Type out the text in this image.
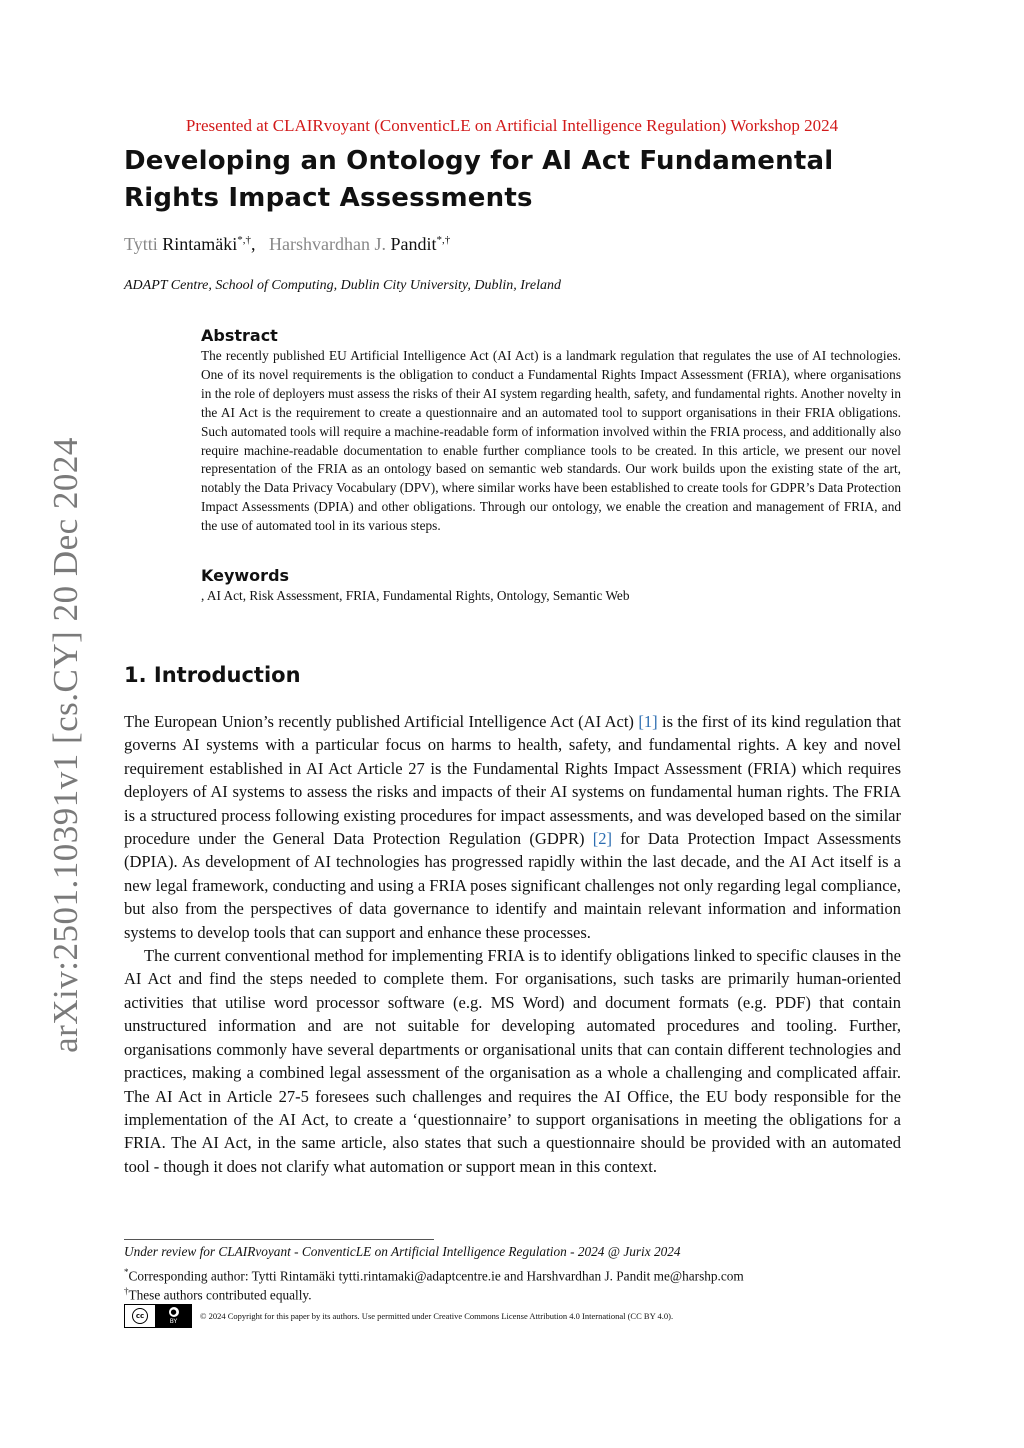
arXiv:2501.10391v1 [cs.CY] 20 Dec 2024
Presented at CLAIRvoyant (ConventicLE on Artificial Intelligence Regulation) Workshop 2024
Developing an Ontology for AI Act Fundamental Rights Impact Assessments
Tytti Rintamäki*,†,   Harshvardhan J. Pandit*,†
ADAPT Centre, School of Computing, Dublin City University, Dublin, Ireland
Abstract

The recently published EU Artificial Intelligence Act (AI Act) is a landmark regulation that regulates the use of AI technologies. One of its novel requirements is the obligation to conduct a Fundamental Rights Impact Assessment (FRIA), where organisations in the role of deployers must assess the risks of their AI system regarding health, safety, and fundamental rights. Another novelty in the AI Act is the requirement to create a questionnaire and an automated tool to support organisations in their FRIA obligations. Such automated tools will require a machine-readable form of information involved within the FRIA process, and additionally also require machine-readable documentation to enable further compliance tools to be created. In this article, we present our novel representation of the FRIA as an ontology based on semantic web standards. Our work builds upon the existing state of the art, notably the Data Privacy Vocabulary (DPV), where similar works have been established to create tools for GDPR’s Data Protection Impact Assessments (DPIA) and other obligations. Through our ontology, we enable the creation and management of FRIA, and the use of automated tool in its various steps.

Keywords

, AI Act, Risk Assessment, FRIA, Fundamental Rights, Ontology, Semantic Web

1. Introduction

The European Union’s recently published Artificial Intelligence Act (AI Act) [1] is the first of its kind regulation that governs AI systems with a particular focus on harms to health, safety, and fundamental rights. A key and novel requirement established in AI Act Article 27 is the Fundamental Rights Impact Assessment (FRIA) which requires deployers of AI systems to assess the risks and impacts of their AI systems on fundamental human rights. The FRIA is a structured process following existing procedures for impact assessments, and was developed based on the similar procedure under the General Data Protection Regulation (GDPR) [2] for Data Protection Impact Assessments (DPIA). As development of AI technologies has progressed rapidly within the last decade, and the AI Act itself is a new legal framework, conducting and using a FRIA poses significant challenges not only regarding legal compliance, but also from the perspectives of data governance to identify and maintain relevant information and information systems to develop tools that can support and enhance these processes.

The current conventional method for implementing FRIA is to identify obligations linked to specific clauses in the AI Act and find the steps needed to complete them. For organisations, such tasks are primarily human-oriented activities that utilise word processor software (e.g. MS Word) and document formats (e.g. PDF) that contain unstructured information and are not suitable for developing automated procedures and tooling. Further, organisations commonly have several departments or organisational units that can contain different technologies and practices, making a combined legal assessment of the organisation as a whole a challenging and complicated affair. The AI Act in Article 27-5 foresees such challenges and requires the AI Office, the EU body responsible for the implementation of the AI Act, to create a ‘questionnaire’ to support organisations in meeting the obligations for a FRIA. The AI Act, in the same article, also states that such a questionnaire should be provided with an automated tool - though it does not clarify what automation or support mean in this context.

Under review for CLAIRvoyant - ConventicLE on Artificial Intelligence Regulation - 2024 @ Jurix 2024
*Corresponding author: Tytti Rintamäki tytti.rintamaki@adaptcentre.ie and Harshvardhan J. Pandit me@harshp.com
†These authors contributed equally.
cc	●
BY
© 2024 Copyright for this paper by its authors. Use permitted under Creative Commons License Attribution 4.0 International (CC BY 4.0).
